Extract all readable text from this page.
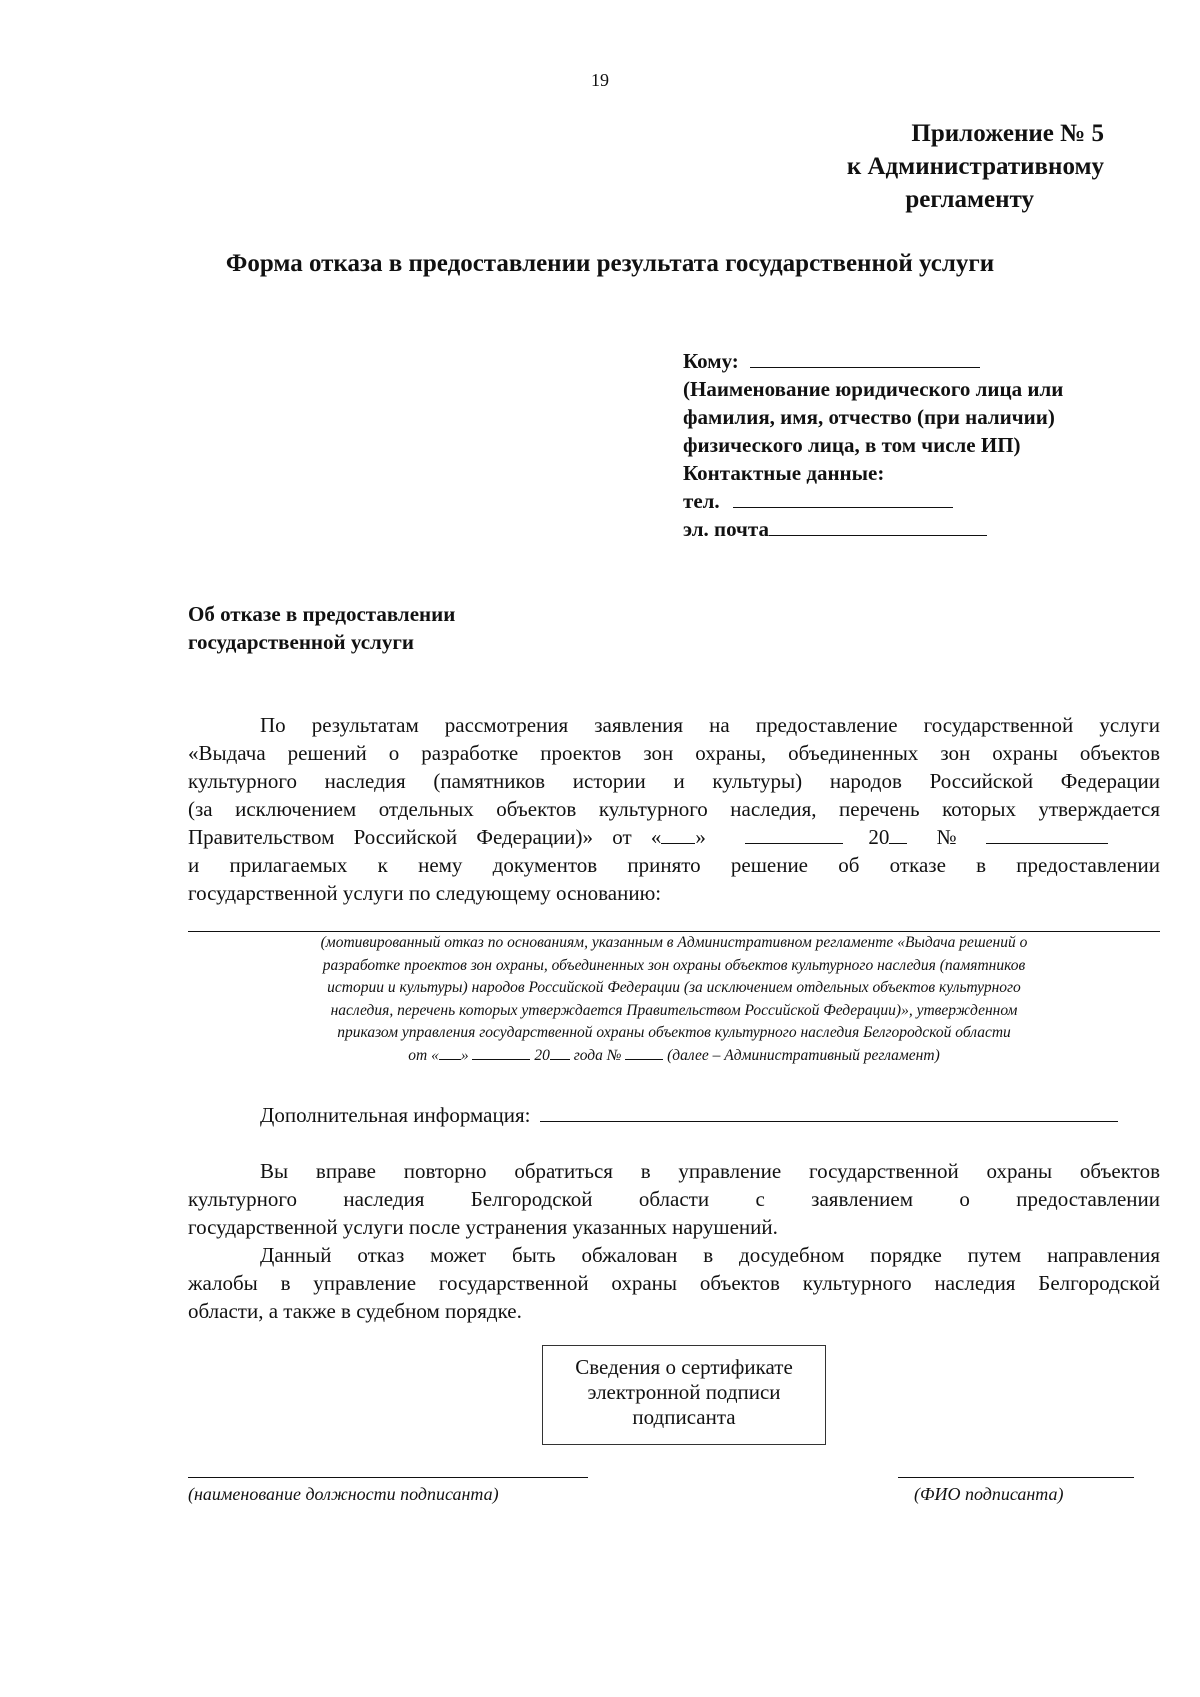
19
Приложение № 5
к Административному
регламенту
Форма отказа в предоставлении результата государственной услуги
Кому:
(Наименование юридического лица или
фамилия, имя, отчество (при наличии)
физического лица, в том числе ИП)
Контактные данные:
тел.
эл. почта
Об отказе в предоставлении
государственной услуги
По результатам рассмотрения заявления на предоставление государственной услуги
«Выдача решений о разработке проектов зон охраны, объединенных зон охраны объектов
культурного наследия (памятников истории и культуры) народов Российской Федерации
(за исключением отдельных объектов культурного наследия, перечень которых утверждается
Правительством Российской Федерации)» от « »	20 №
и прилагаемых к нему документов принято решение об отказе в предоставлении
государственной услуги по следующему основанию:
(мотивированный отказ по основаниям, указанным в Административном регламенте «Выдача решений о
разработке проектов зон охраны, объединенных зон охраны объектов культурного наследия (памятников
истории и культуры) народов Российской Федерации (за исключением отдельных объектов культурного
наследия, перечень которых утверждается Правительством Российской Федерации)», утвержденном
приказом управления государственной охраны объектов культурного наследия Белгородской области
от « »	20 года №	(далее – Административный регламент)
Дополнительная информация:
Вы вправе повторно обратиться в управление государственной охраны объектов
культурного наследия Белгородской области с заявлением о предоставлении
государственной услуги после устранения указанных нарушений.
Данный отказ может быть обжалован в досудебном порядке путем направления
жалобы в управление государственной охраны объектов культурного наследия Белгородской
области, а также в судебном порядке.
Сведения о сертификате
электронной подписи
подписанта
(наименование должности подписанта)	(ФИО подписанта)
